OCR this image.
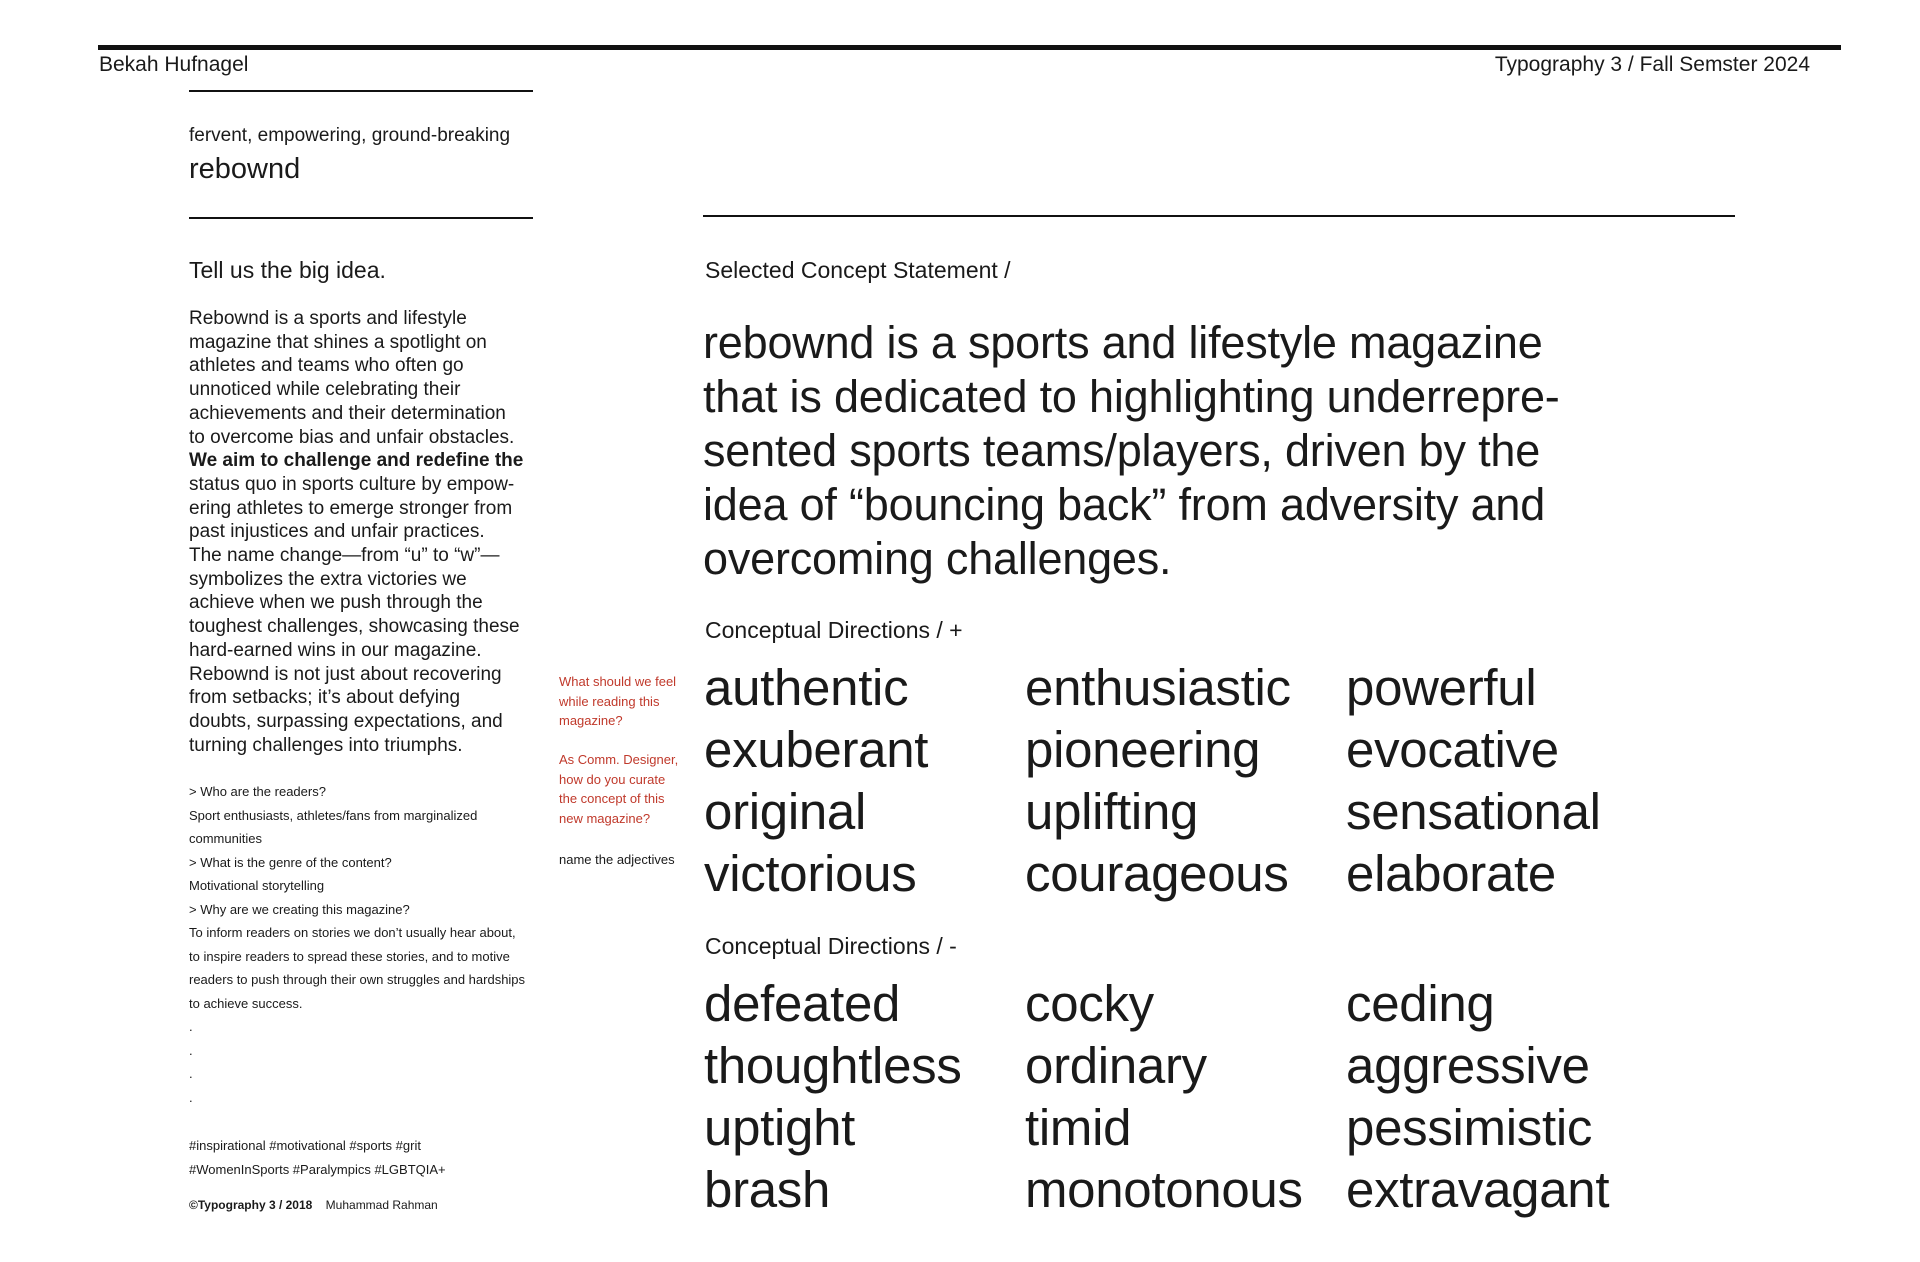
Bekah Hufnagel	Typography 3 / Fall Semster 2024
fervent, empowering, ground-breaking
rebownd
Tell us the big idea.
Rebownd is a sports and lifestyle
magazine that shines a spotlight on
athletes and teams who often go
unnoticed while celebrating their
achievements and their determination
to overcome bias and unfair obstacles.
We aim to challenge and redefine the
status quo in sports culture by empow-
ering athletes to emerge stronger from
past injustices and unfair practices.
The name change—from “u” to “w”—
symbolizes the extra victories we
achieve when we push through the
toughest challenges, showcasing these
hard-earned wins in our magazine.
Rebownd is not just about recovering
from setbacks; it’s about defying
doubts, surpassing expectations, and
turning challenges into triumphs.
> Who are the readers?
Sport enthusiasts, athletes/fans from marginalized
communities
> What is the genre of the content?
Motivational storytelling
> Why are we creating this magazine?
To inform readers on stories we don’t usually hear about,
to inspire readers to spread these stories, and to motive
readers to push through their own struggles and hardships
to achieve success.
.
.
.
.
#inspirational #motivational #sports #grit
#WomenInSports #Paralympics #LGBTQIA+
©Typography 3 / 2018 Muhammad Rahman
What should we feel
while reading this
magazine?
As Comm. Designer,
how do you curate
the concept of this
new magazine?
name the adjectives
Selected Concept Statement /
rebownd is a sports and lifestyle magazine
that is dedicated to highlighting underrepre-
sented sports teams/players, driven by the
idea of “bouncing back” from adversity and
overcoming challenges.
Conceptual Directions / +
authentic
exuberant
original
victorious
enthusiastic
pioneering
uplifting
courageous
powerful
evocative
sensational
elaborate
Conceptual Directions / -
defeated
thoughtless
uptight
brash
cocky
ordinary
timid
monotonous
ceding
aggressive
pessimistic
extravagant
